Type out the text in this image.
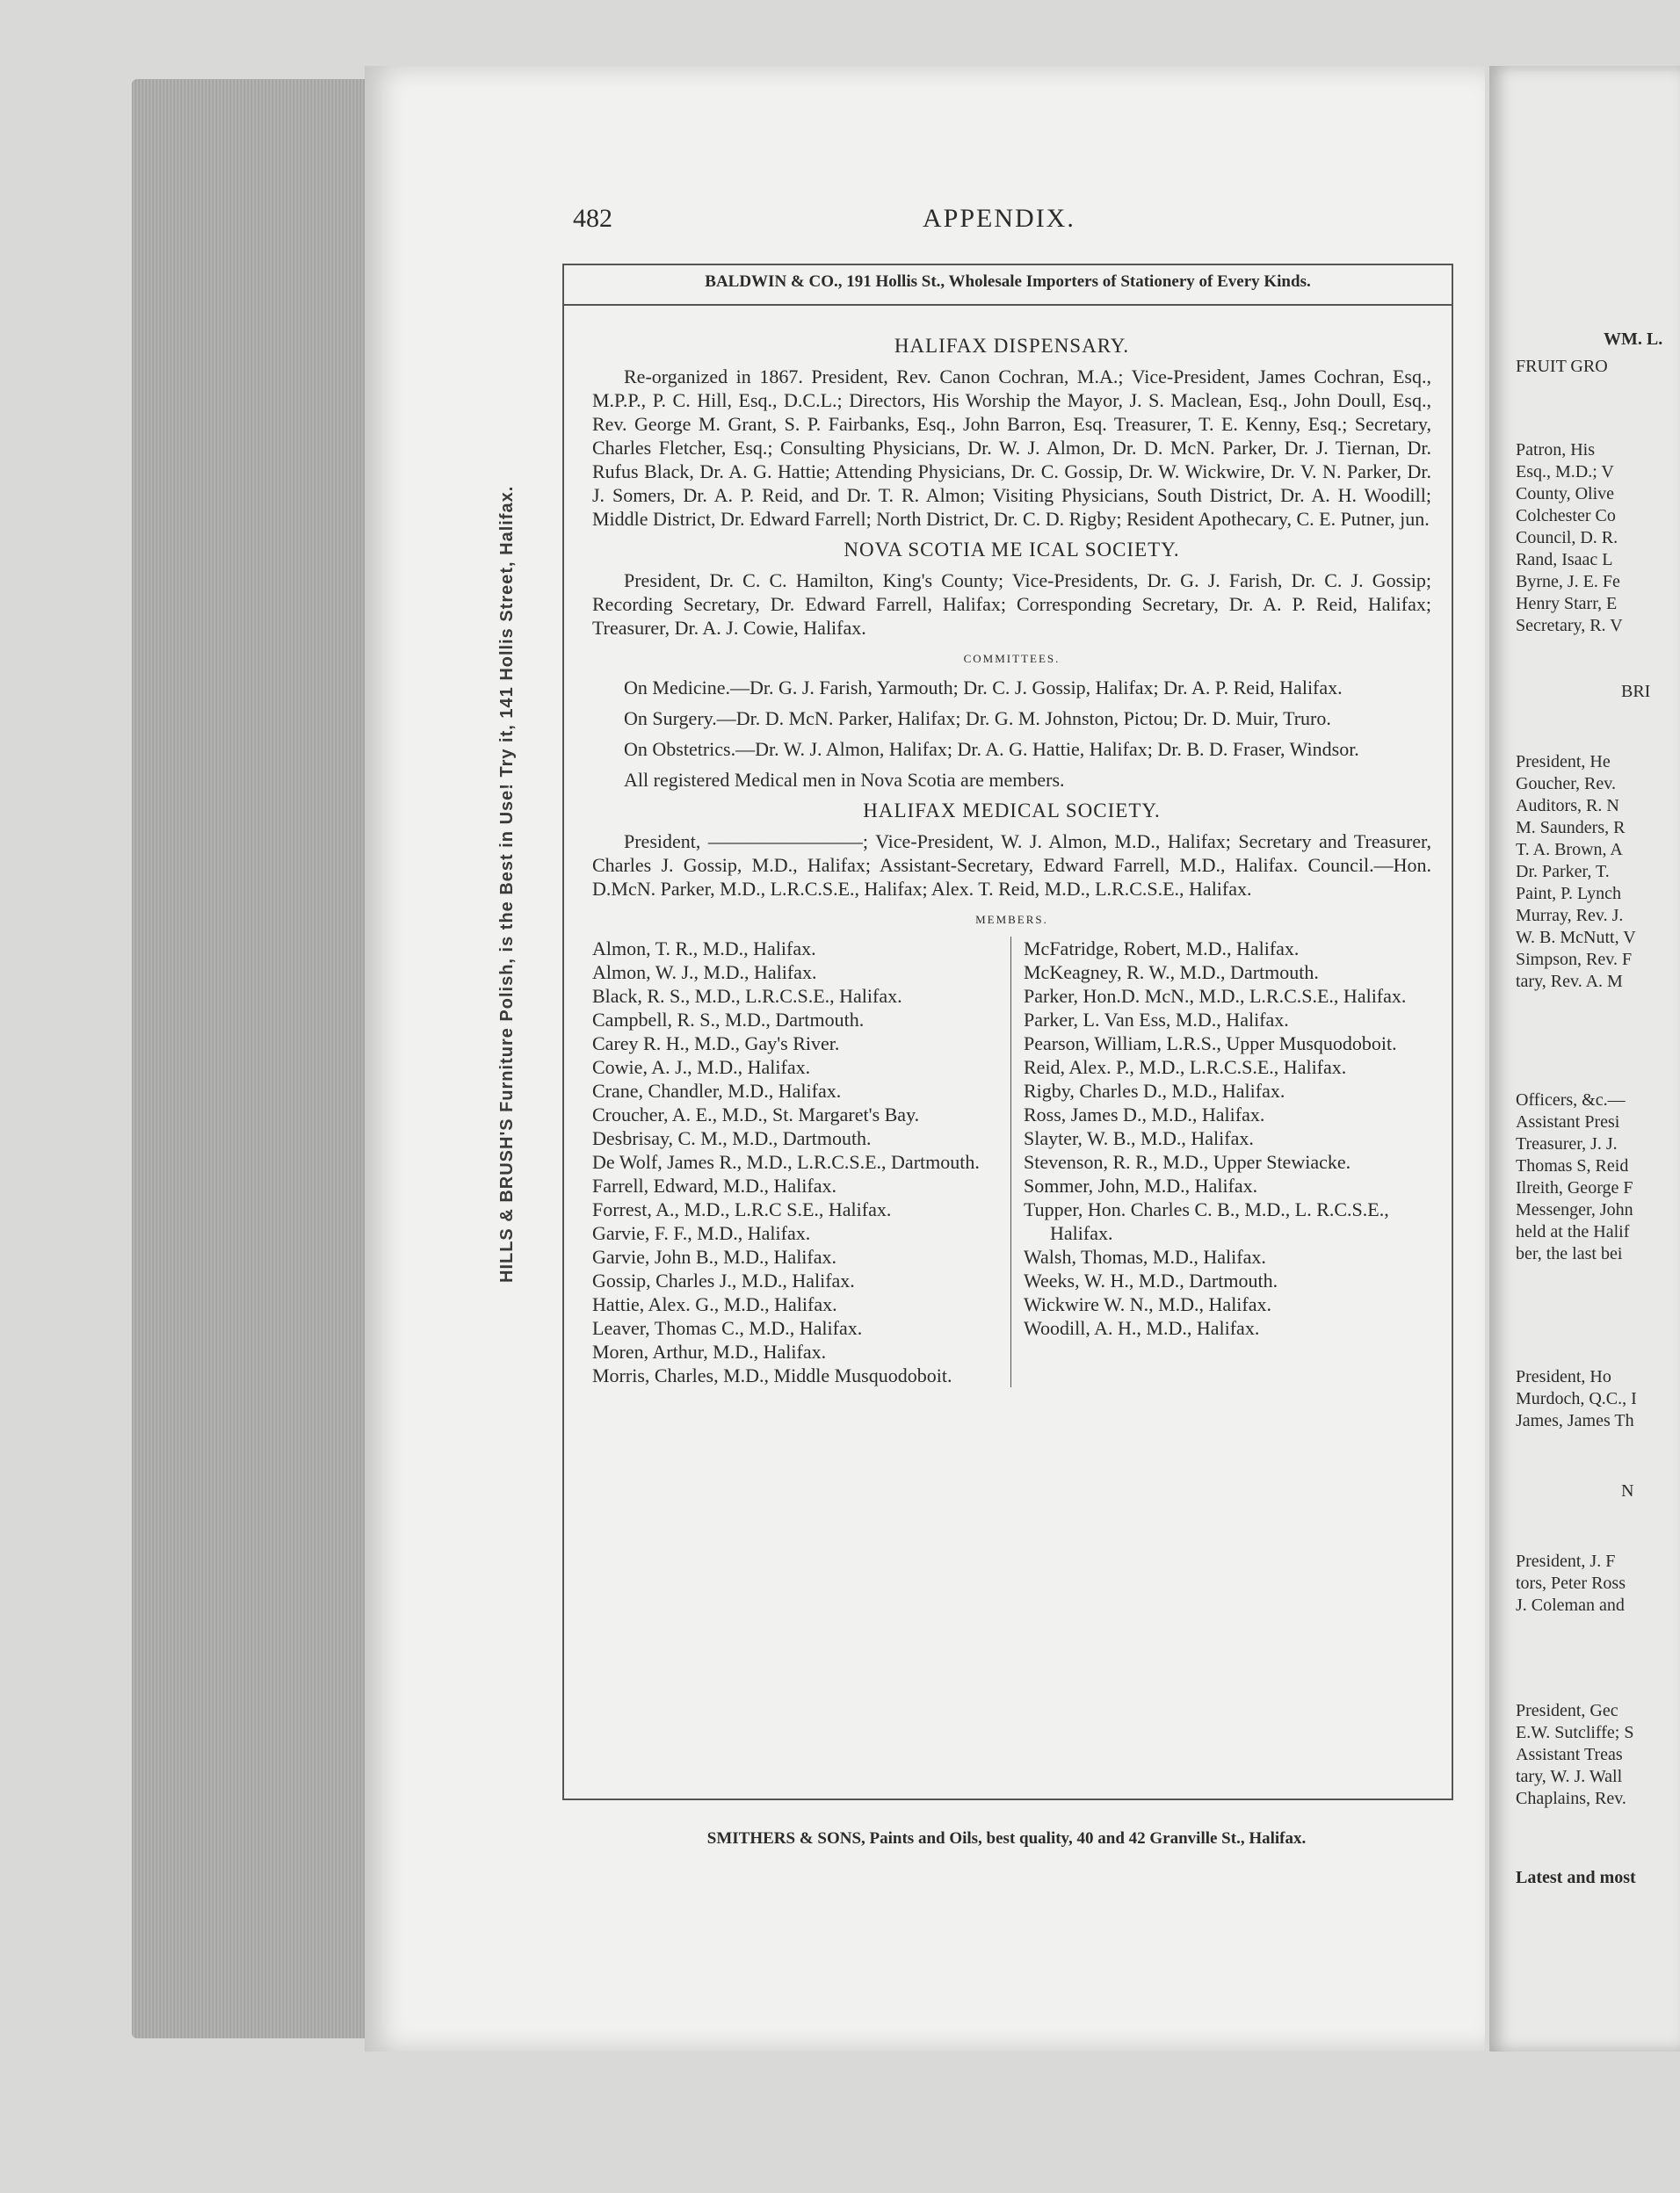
HILLS & BRUSH'S Furniture Polish, is the Best in Use! Try it, 141 Hollis Street, Halifax.
482	APPENDIX.
BALDWIN & CO., 191 Hollis St., Wholesale Importers of Stationery of Every Kinds.
HALIFAX DISPENSARY.

Re-organized in 1867. President, Rev. Canon Cochran, M.A.; Vice-President, James Cochran, Esq., M.P.P., P. C. Hill, Esq., D.C.L.; Directors, His Worship the Mayor, J. S. Maclean, Esq., John Doull, Esq., Rev. George M. Grant, S. P. Fairbanks, Esq., John Barron, Esq. Treasurer, T. E. Kenny, Esq.; Secretary, Charles Fletcher, Esq.; Consulting Physicians, Dr. W. J. Almon, Dr. D. McN. Parker, Dr. J. Tiernan, Dr. Rufus Black, Dr. A. G. Hattie; Attending Physicians, Dr. C. Gossip, Dr. W. Wickwire, Dr. V. N. Parker, Dr. J. Somers, Dr. A. P. Reid, and Dr. T. R. Almon; Visiting Physicians, South District, Dr. A. H. Woodill; Middle District, Dr. Edward Farrell; North District, Dr. C. D. Rigby; Resident Apothecary, C. E. Putner, jun.

NOVA SCOTIA ME ICAL SOCIETY.

President, Dr. C. C. Hamilton, King's County; Vice-Presidents, Dr. G. J. Farish, Dr. C. J. Gossip; Recording Secretary, Dr. Edward Farrell, Halifax; Corresponding Secretary, Dr. A. P. Reid, Halifax; Treasurer, Dr. A. J. Cowie, Halifax.

COMMITTEES.

On Medicine.—Dr. G. J. Farish, Yarmouth; Dr. C. J. Gossip, Halifax; Dr. A. P. Reid, Halifax.

On Surgery.—Dr. D. McN. Parker, Halifax; Dr. G. M. Johnston, Pictou; Dr. D. Muir, Truro.

On Obstetrics.—Dr. W. J. Almon, Halifax; Dr. A. G. Hattie, Halifax; Dr. B. D. Fraser, Windsor.

All registered Medical men in Nova Scotia are members.

HALIFAX MEDICAL SOCIETY.

President, ————————; Vice-President, W. J. Almon, M.D., Halifax; Secretary and Treasurer, Charles J. Gossip, M.D., Halifax; Assistant-Secretary, Edward Farrell, M.D., Halifax. Council.—Hon. D.McN. Parker, M.D., L.R.C.S.E., Halifax; Alex. T. Reid, M.D., L.R.C.S.E., Halifax.

MEMBERS.
Almon, T. R., M.D., Halifax.
Almon, W. J., M.D., Halifax.
Black, R. S., M.D., L.R.C.S.E., Halifax.
Campbell, R. S., M.D., Dartmouth.
Carey R. H., M.D., Gay's River.
Cowie, A. J., M.D., Halifax.
Crane, Chandler, M.D., Halifax.
Croucher, A. E., M.D., St. Margaret's Bay.
Desbrisay, C. M., M.D., Dartmouth.
De Wolf, James R., M.D., L.R.C.S.E., Dartmouth.
Farrell, Edward, M.D., Halifax.
Forrest, A., M.D., L.R.C S.E., Halifax.
Garvie, F. F., M.D., Halifax.
Garvie, John B., M.D., Halifax.
Gossip, Charles J., M.D., Halifax.
Hattie, Alex. G., M.D., Halifax.
Leaver, Thomas C., M.D., Halifax.
Moren, Arthur, M.D., Halifax.
Morris, Charles, M.D., Middle Musquodoboit.
McFatridge, Robert, M.D., Halifax.
McKeagney, R. W., M.D., Dartmouth.
Parker, Hon.D. McN., M.D., L.R.C.S.E., Halifax.
Parker, L. Van Ess, M.D., Halifax.
Pearson, William, L.R.S., Upper Musquodoboit.
Reid, Alex. P., M.D., L.R.C.S.E., Halifax.
Rigby, Charles D., M.D., Halifax.
Ross, James D., M.D., Halifax.
Slayter, W. B., M.D., Halifax.
Stevenson, R. R., M.D., Upper Stewiacke.
Sommer, John, M.D., Halifax.
Tupper, Hon. Charles C. B., M.D., L. R.C.S.E., Halifax.
Walsh, Thomas, M.D., Halifax.
Weeks, W. H., M.D., Dartmouth.
Wickwire W. N., M.D., Halifax.
Woodill, A. H., M.D., Halifax.
SMITHERS & SONS, Paints and Oils, best quality, 40 and 42 Granville St., Halifax.
WM. L.
FRUIT GRO
Patron, His
Esq., M.D.; V
County, Olive
Colchester Co
Council, D. R.
Rand, Isaac L
Byrne, J. E. Fe
Henry Starr, E
Secretary, R. V
BRI
President, He
Goucher, Rev.
Auditors, R. N
M. Saunders, R
T. A. Brown, A
Dr. Parker, T.
Paint, P. Lynch
Murray, Rev. J.
W. B. McNutt, V
Simpson, Rev. F
tary, Rev. A. M
Officers, &c.—
Assistant Presi
Treasurer, J. J.
Thomas S, Reid
Ilreith, George F
Messenger, John
held at the Halif
ber, the last bei
President, Ho
Murdoch, Q.C., I
James, James Th
N
President, J. F
tors, Peter Ross
J. Coleman and
President, Gec
E.W. Sutcliffe; S
Assistant Treas
tary, W. J. Wall
Chaplains, Rev.
Latest and most
